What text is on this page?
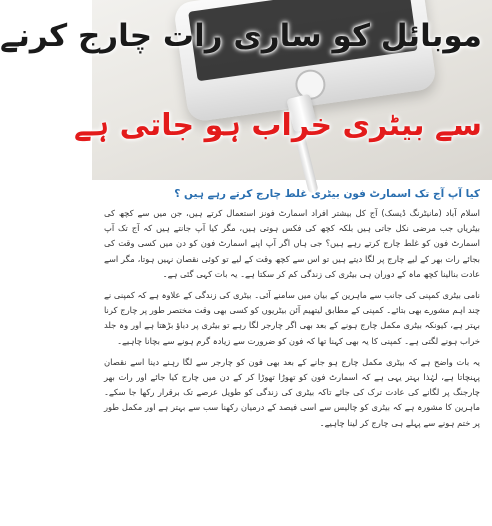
موبائل کو ساری رات چارج کرنے
سے بیٹری خراب ہو جاتی ہے
کیا آپ آج تک اسمارٹ فون بیٹری غلط چارج کرتے رہے ہیں ؟

اسلام آباد (مانیٹرنگ ڈیسک) آج کل بیشتر افراد اسمارٹ فونز استعمال کرتے ہیں، جن میں سے کچھ کی بیٹریاں جب مرضی نکل جاتی ہیں بلکہ کچھ کی فکس ہوتی ہیں، مگر کیا آپ جانتے ہیں کہ آج تک آپ اسمارٹ فون کو غلط چارج کرتے رہے ہیں؟ جی ہاں اگر آپ اپنے اسمارٹ فون کو دن میں کسی وقت کی بجائے رات بھر کے لیے چارج پر لگا دیتے ہیں تو اس سے کچھ وقت کے لیے تو کوئی نقصان نہیں ہوتا، مگر اسے عادت بنالینا کچھ ماہ کے دوران ہی بیٹری کی زندگی کم کر سکتا ہے۔ یہ بات کہی گئی ہے۔

نامی بیٹری کمپنی کی جانب سے ماہرین کے بیان میں سامنے آئی۔ بیٹری کی زندگی کے علاوہ ہے کہ کمپنی نے چند اہم مشورے بھی بتائے۔ کمپنی کے مطابق لیتھیم آئن بیٹریوں کو کسی بھی وقت مختصر طور پر چارج کرنا بہتر ہے، کیونکہ بیٹری مکمل چارج ہونے کے بعد بھی اگر چارجر لگا رہے تو بیٹری پر دباؤ بڑھتا ہے اور وہ جلد خراب ہونے لگتی ہے۔ کمپنی کا یہ بھی کہنا تھا کہ فون کو ضرورت سے زیادہ گرم ہونے سے بچانا چاہیے۔

یہ بات واضح ہے کہ بیٹری مکمل چارج ہو جانے کے بعد بھی فون کو چارجر سے لگا رہنے دینا اسے نقصان پہنچاتا ہے، لہٰذا بہتر یہی ہے کہ اسمارٹ فون کو تھوڑا تھوڑا کر کے دن میں چارج کیا جائے اور رات بھر چارجنگ پر لگانے کی عادت ترک کی جائے تاکہ بیٹری کی زندگی کو طویل عرصے تک برقرار رکھا جا سکے۔ ماہرین کا مشورہ ہے کہ بیٹری کو چالیس سے اسی فیصد کے درمیان رکھنا سب سے بہتر ہے اور مکمل طور پر ختم ہونے سے پہلے ہی چارج کر لینا چاہیے۔
